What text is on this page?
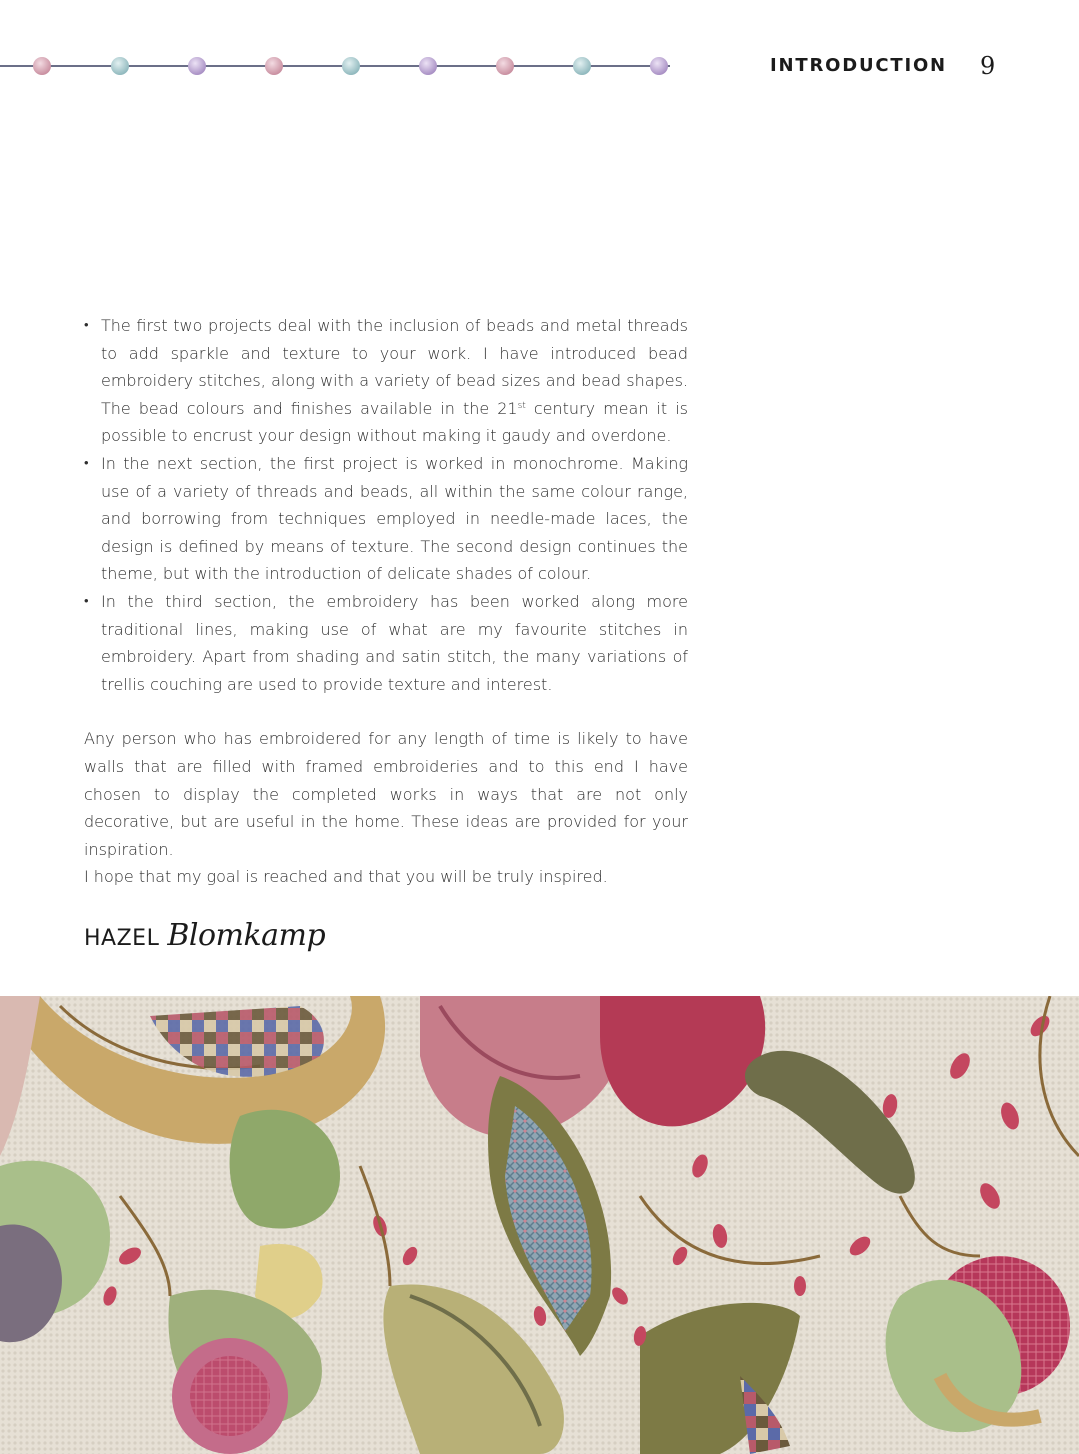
INTRODUCTION 9
• The first two projects deal with the inclusion of beads and metal threads to add sparkle and texture to your work. I have introduced bead embroidery stitches, along with a variety of bead sizes and bead shapes. The bead colours and finishes available in the 21st century mean it is possible to encrust your design without making it gaudy and overdone.
• In the next section, the first project is worked in monochrome. Making use of a variety of threads and beads, all within the same colour range, and borrowing from techniques employed in needle-made laces, the design is defined by means of texture. The second design continues the theme, but with the introduction of delicate shades of colour.
• In the third section, the embroidery has been worked along more traditional lines, making use of what are my favourite stitches in embroidery. Apart from shading and satin stitch, the many variations of trellis couching are used to provide texture and interest.

Any person who has embroidered for any length of time is likely to have walls that are filled with framed embroideries and to this end I have chosen to display the completed works in ways that are not only decorative, but are useful in the home. These ideas are provided for your inspiration.

I hope that my goal is reached and that you will be truly inspired.

HAZEL Blomkamp
